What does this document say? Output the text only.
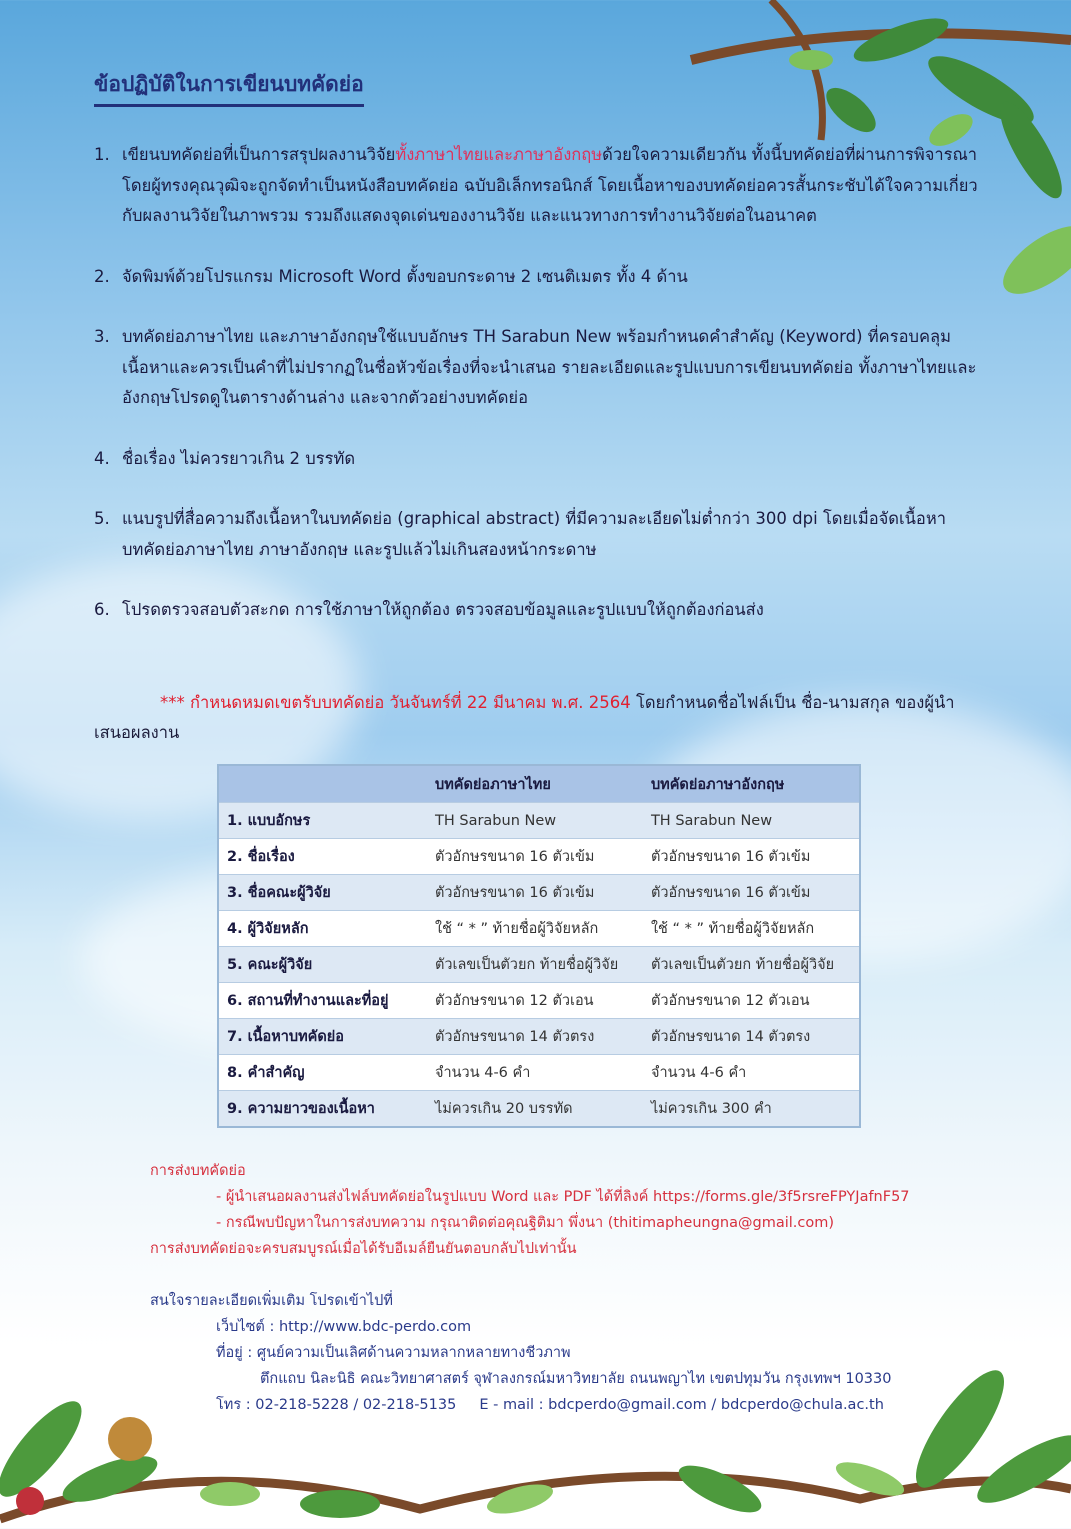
ข้อปฏิบัติในการเขียนบทคัดย่อ
1. เขียนบทคัดย่อที่เป็นการสรุปผลงานวิจัยทั้งภาษาไทยและภาษาอังกฤษด้วยใจความเดียวกัน ทั้งนี้บทคัดย่อที่ผ่านการพิจารณาโดยผู้ทรงคุณวุฒิจะถูกจัดทำเป็นหนังสือบทคัดย่อ ฉบับอิเล็กทรอนิกส์ โดยเนื้อหาของบทคัดย่อควรสั้นกระชับได้ใจความเกี่ยวกับผลงานวิจัยในภาพรวม รวมถึงแสดงจุดเด่นของงานวิจัย และแนวทางการทำงานวิจัยต่อในอนาคต
2. จัดพิมพ์ด้วยโปรแกรม Microsoft Word ตั้งขอบกระดาษ 2 เซนติเมตร ทั้ง 4 ด้าน
3. บทคัดย่อภาษาไทย และภาษาอังกฤษใช้แบบอักษร TH Sarabun New พร้อมกำหนดคำสำคัญ (Keyword) ที่ครอบคลุมเนื้อหาและควรเป็นคำที่ไม่ปรากฏในชื่อหัวข้อเรื่องที่จะนำเสนอ รายละเอียดและรูปแบบการเขียนบทคัดย่อ ทั้งภาษาไทยและอังกฤษโปรดดูในตารางด้านล่าง และจากตัวอย่างบทคัดย่อ
4. ชื่อเรื่อง ไม่ควรยาวเกิน 2 บรรทัด
5. แนบรูปที่สื่อความถึงเนื้อหาในบทคัดย่อ (graphical abstract) ที่มีความละเอียดไม่ต่ำกว่า 300 dpi โดยเมื่อจัดเนื้อหา บทคัดย่อภาษาไทย ภาษาอังกฤษ และรูปแล้วไม่เกินสองหน้ากระดาษ
6. โปรดตรวจสอบตัวสะกด การใช้ภาษาให้ถูกต้อง ตรวจสอบข้อมูลและรูปแบบให้ถูกต้องก่อนส่ง
*** กำหนดหมดเขตรับบทคัดย่อ วันจันทร์ที่ 22 มีนาคม พ.ศ. 2564 โดยกำหนดชื่อไฟล์เป็น ชื่อ-นามสกุล ของผู้นำเสนอผลงาน
	บทคัดย่อภาษาไทย	บทคัดย่อภาษาอังกฤษ
1. แบบอักษร	TH Sarabun New	TH Sarabun New
2. ชื่อเรื่อง	ตัวอักษรขนาด 16 ตัวเข้ม	ตัวอักษรขนาด 16 ตัวเข้ม
3. ชื่อคณะผู้วิจัย	ตัวอักษรขนาด 16 ตัวเข้ม	ตัวอักษรขนาด 16 ตัวเข้ม
4. ผู้วิจัยหลัก	ใช้ “ * ” ท้ายชื่อผู้วิจัยหลัก	ใช้ “ * ” ท้ายชื่อผู้วิจัยหลัก
5. คณะผู้วิจัย	ตัวเลขเป็นตัวยก ท้ายชื่อผู้วิจัย	ตัวเลขเป็นตัวยก ท้ายชื่อผู้วิจัย
6. สถานที่ทำงานและที่อยู่	ตัวอักษรขนาด 12 ตัวเอน	ตัวอักษรขนาด 12 ตัวเอน
7. เนื้อหาบทคัดย่อ	ตัวอักษรขนาด 14 ตัวตรง	ตัวอักษรขนาด 14 ตัวตรง
8. คำสำคัญ	จำนวน 4-6 คำ	จำนวน 4-6 คำ
9. ความยาวของเนื้อหา	ไม่ควรเกิน 20 บรรทัด	ไม่ควรเกิน 300 คำ
การส่งบทคัดย่อ
- ผู้นำเสนอผลงานส่งไฟล์บทคัดย่อในรูปแบบ Word และ PDF ได้ที่ลิงค์ https://forms.gle/3f5rsreFPYJafnF57
- กรณีพบปัญหาในการส่งบทความ กรุณาติดต่อคุณฐิติมา พึ่งนา (thitimapheungna@gmail.com)
การส่งบทคัดย่อจะครบสมบูรณ์เมื่อได้รับอีเมล์ยืนยันตอบกลับไปเท่านั้น
สนใจรายละเอียดเพิ่มเติม โปรดเข้าไปที่
เว็บไซต์ : http://www.bdc-perdo.com
ที่อยู่ : ศูนย์ความเป็นเลิศด้านความหลากหลายทางชีวภาพ
ตึกแถบ นิละนิธิ คณะวิทยาศาสตร์ จุฬาลงกรณ์มหาวิทยาลัย ถนนพญาไท เขตปทุมวัน กรุงเทพฯ 10330
โทร : 02-218-5228 / 02-218-5135     E - mail : bdcperdo@gmail.com / bdcperdo@chula.ac.th
